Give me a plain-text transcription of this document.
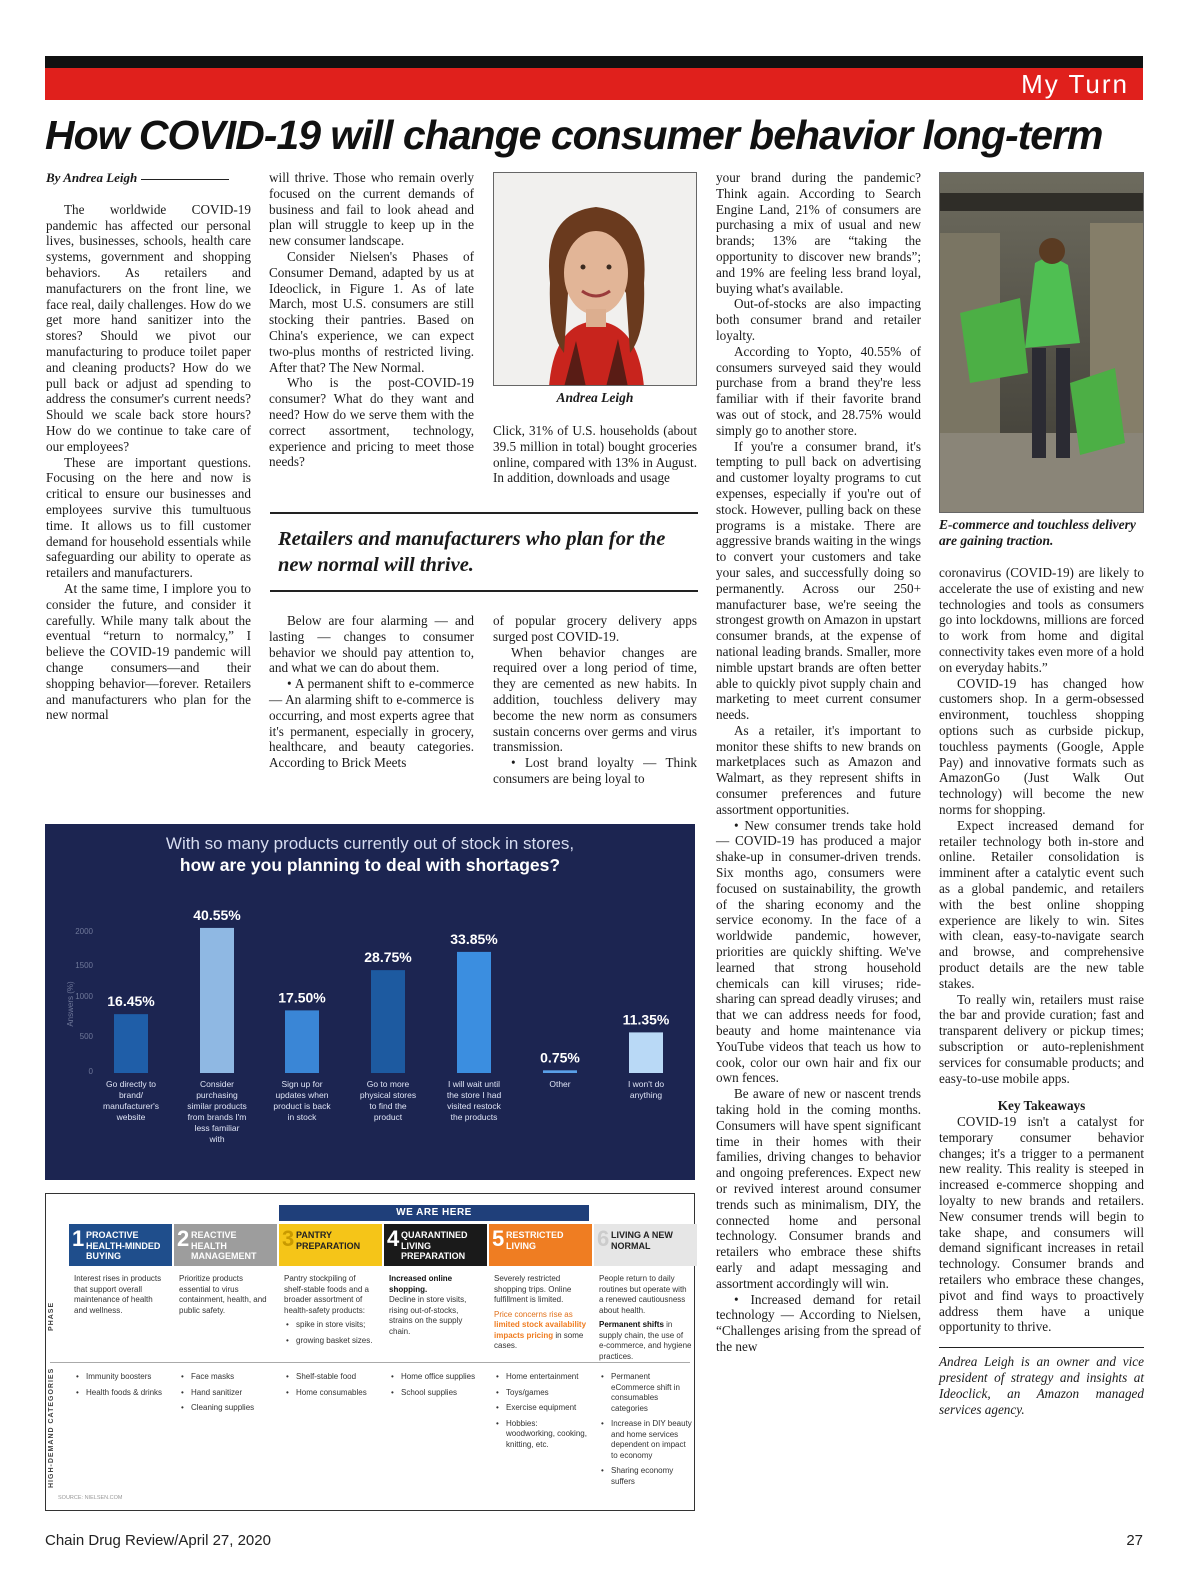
My Turn
How COVID-19 will change consumer behavior long-term

By Andrea Leigh

The worldwide COVID-19 pandemic has affected our personal lives, businesses, schools, health care systems, government and shopping behaviors. As retailers and manufacturers on the front line, we face real, daily challenges. How do we get more hand sanitizer into the stores? Should we pivot our manufacturing to produce toilet paper and cleaning products? How do we pull back or adjust ad spending to address the consumer's current needs? Should we scale back store hours? How do we continue to take care of our employees?

These are important questions. Focusing on the here and now is critical to ensure our businesses and employees survive this tumultuous time. It allows us to fill customer demand for household essentials while safeguarding our ability to operate as retailers and manufacturers.

At the same time, I implore you to consider the future, and consider it carefully. While many talk about the eventual “return to normalcy,” I believe the COVID-19 pandemic will change consumers—and their shopping behavior—forever. Retailers and manufacturers who plan for the new normal

will thrive. Those who remain overly focused on the current demands of business and fail to look ahead and plan will struggle to keep up in the new consumer landscape.

Consider Nielsen's Phases of Consumer Demand, adapted by us at Ideoclick, in Figure 1. As of late March, most U.S. consumers are still stocking their pantries. Based on China's experience, we can expect two-plus months of restricted living. After that? The New Normal.

Who is the post-COVID-19 consumer? What do they want and need? How do we serve them with the correct assortment, technology, experience and pricing to meet those needs?

Andrea Leigh

Click, 31% of U.S. households (about 39.5 million in total) bought groceries online, compared with 13% in August. In addition, downloads and usage

Retailers and manufacturers who plan for the new normal will thrive.

Below are four alarming — and lasting — changes to consumer behavior we should pay attention to, and what we can do about them.

• A permanent shift to e-commerce — An alarming shift to e-commerce is occurring, and most experts agree that it's permanent, especially in grocery, healthcare, and beauty categories. According to Brick Meets

of popular grocery delivery apps surged post COVID-19.

When behavior changes are required over a long period of time, they are cemented as new habits. In addition, touchless delivery may become the new norm as consumers sustain concerns over germs and virus transmission.

• Lost brand loyalty — Think consumers are being loyal to

your brand during the pandemic? Think again. According to Search Engine Land, 21% of consumers are purchasing a mix of usual and new brands; 13% are “taking the opportunity to discover new brands”; and 19% are feeling less brand loyal, buying what's available.

Out-of-stocks are also impacting both consumer brand and retailer loyalty.

According to Yopto, 40.55% of consumers surveyed said they would purchase from a brand they're less familiar with if their favorite brand was out of stock, and 28.75% would simply go to another store.

If you're a consumer brand, it's tempting to pull back on advertising and customer loyalty programs to cut expenses, especially if you're out of stock. However, pulling back on these programs is a mistake. There are aggressive brands waiting in the wings to convert your customers and take your sales, and successfully doing so permanently. Across our 250+ manufacturer base, we're seeing the strongest growth on Amazon in upstart consumer brands, at the expense of national leading brands. Smaller, more nimble upstart brands are often better able to quickly pivot supply chain and marketing to meet current consumer needs.

As a retailer, it's important to monitor these shifts to new brands on marketplaces such as Amazon and Walmart, as they represent shifts in consumer preferences and future assortment opportunities.

• New consumer trends take hold — COVID-19 has produced a major shake-up in consumer-driven trends. Six months ago, consumers were focused on sustainability, the growth of the sharing economy and the service economy. In the face of a worldwide pandemic, however, priorities are quickly shifting. We've learned that strong household chemicals can kill viruses; ride-sharing can spread deadly viruses; and that we can address needs for food, beauty and home maintenance via YouTube videos that teach us how to cook, color our own hair and fix our own fences.

Be aware of new or nascent trends taking hold in the coming months. Consumers will have spent significant time in their homes with their families, driving changes to behavior and ongoing preferences. Expect new or revived interest around consumer trends such as minimalism, DIY, the connected home and personal technology. Consumer brands and retailers who embrace these shifts early and adapt messaging and assortment accordingly will win.

• Increased demand for retail technology — According to Nielsen, “Challenges arising from the spread of the new

E-commerce and touchless delivery are gaining traction.

coronavirus (COVID-19) are likely to accelerate the use of existing and new technologies and tools as consumers go into lockdowns, millions are forced to work from home and digital connectivity takes even more of a hold on everyday habits.”

COVID-19 has changed how customers shop. In a germ-obsessed environment, touchless shopping options such as curbside pickup, touchless payments (Google, Apple Pay) and innovative formats such as AmazonGo (Just Walk Out technology) will become the new norms for shopping.

Expect increased demand for retailer technology both in-store and online. Retailer consolidation is imminent after a catalytic event such as a global pandemic, and retailers with the best online shopping experience are likely to win. Sites with clean, easy-to-navigate search and browse, and comprehensive product details are the new table stakes.

To really win, retailers must raise the bar and provide curation; fast and transparent delivery or pickup times; subscription or auto-replenishment services for consumable products; and easy-to-use mobile apps.

Key Takeaways

COVID-19 isn't a catalyst for temporary consumer behavior changes; it's a trigger to a permanent new reality. This reality is steeped in increased e-commerce shopping and loyalty to new brands and retailers. New consumer trends will begin to take shape, and consumers will demand significant increases in retail technology. Consumer brands and retailers who embrace these changes, pivot and find ways to proactively address them have a unique opportunity to thrive.

Andrea Leigh is an owner and vice president of strategy and insights at Ideoclick, an Amazon managed services agency.

With so many products currently out of stock in stores,
how are you planning to deal with shortages?
2000
1500
1000
500
0
Answers (%) 16.45%
Go directly to brand/ manufacturer's website
40.55%
Consider purchasing similar products from brands I'm less familiar with
17.50%
Sign up for updates when product is back in stock
28.75%
Go to more physical stores to find the product
33.85%
I will wait until the store I had visited restock the products
0.75%
Other
11.35%
I won't do anything
WE ARE HERE
PHASE
HIGH-DEMAND CATEGORIES
SOURCE: NIELSEN.COM
1 PROACTIVE HEALTH-MINDED BUYING
Interest rises in products that support overall maintenance of health and wellness.
• Immunity boosters
• Health foods & drinks
2 REACTIVE HEALTH MANAGEMENT
Prioritize products essential to virus containment, health, and public safety.
• Face masks
• Hand sanitizer
• Cleaning supplies
3 PANTRY PREPARATION
Pantry stockpiling of shelf-stable foods and a broader assortment of health-safety products:
• spike in store visits;
• growing basket sizes.
• Shelf-stable food
• Home consumables
4 QUARANTINED LIVING PREPARATION
Increased online shopping.
Decline in store visits, rising out-of-stocks, strains on the supply chain.
• Home office supplies
• School supplies
5 RESTRICTED LIVING
Severely restricted shopping trips. Online fulfillment is limited.
Price concerns rise as limited stock availability impacts pricing in some cases.
• Home entertainment
• Toys/games
• Exercise equipment
• Hobbies: woodworking, cooking, knitting, etc.
6 LIVING A NEW NORMAL
People return to daily routines but operate with a renewed cautiousness about health.
Permanent shifts in supply chain, the use of e-commerce, and hygiene practices.
• Permanent eCommerce shift in consumables categories
• Increase in DIY beauty and home services dependent on impact to economy
• Sharing economy suffers
Chain Drug Review/April 27, 2020	27
